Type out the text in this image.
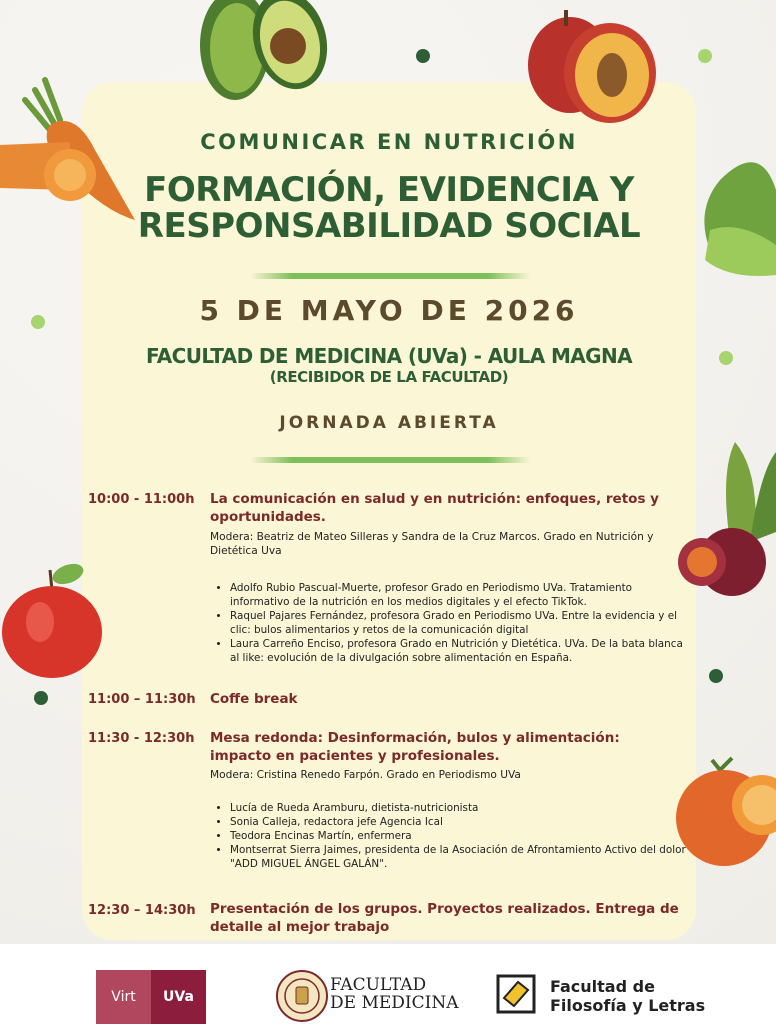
COMUNICAR EN NUTRICIÓN
FORMACIÓN, EVIDENCIA Y
RESPONSABILIDAD SOCIAL
5 DE MAYO DE 2026
FACULTAD DE MEDICINA (UVa) - AULA MAGNA
(RECIBIDOR DE LA FACULTAD)
JORNADA ABIERTA
10:00 - 11:00h	La comunicación en salud y en nutrición: enfoques, retos y oportunidades.
Modera: Beatriz de Mateo Silleras y Sandra de la Cruz Marcos. Grado en Nutrición y Dietética Uva
• Adolfo Rubio Pascual-Muerte, profesor Grado en Periodismo UVa. Tratamiento informativo de la nutrición en los medios digitales y el efecto TikTok.
• Raquel Pajares Fernández, profesora Grado en Periodismo UVa. Entre la evidencia y el clic: bulos alimentarios y retos de la comunicación digital
• Laura Carreño Enciso, profesora Grado en Nutrición y Dietética. UVa. De la bata blanca al like: evolución de la divulgación sobre alimentación en España.
11:00 – 11:30h	Coffe break
11:30 - 12:30h	Mesa redonda: Desinformación, bulos y alimentación: impacto en pacientes y profesionales.
Modera: Cristina Renedo Farpón. Grado en Periodismo UVa
• Lucía de Rueda Aramburu, dietista-nutricionista
• Sonia Calleja, redactora jefe Agencia Ical
• Teodora Encinas Martín, enfermera
• Montserrat Sierra Jaimes, presidenta de la Asociación de Afrontamiento Activo del dolor "ADD MIGUEL ÁNGEL GALÁN".
12:30 – 14:30h	Presentación de los grupos. Proyectos realizados. Entrega de detalle al mejor trabajo
Virt	UVa
FACULTAD
DE MEDICINA
Facultad de
Filosofía y Letras
